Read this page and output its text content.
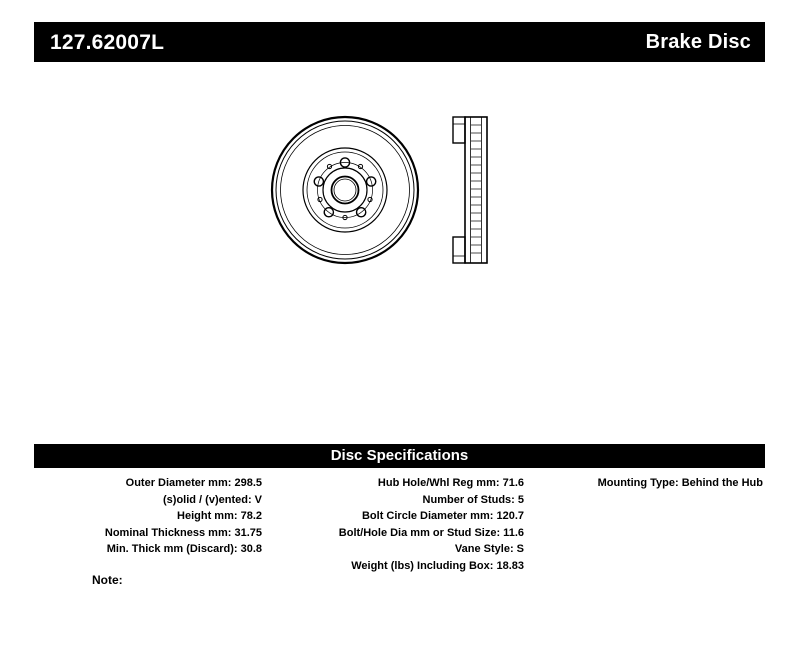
127.62007L	Brake Disc
Disc Specifications
Outer Diameter mm: 298.5
(s)olid / (v)ented: V
Height mm: 78.2
Nominal Thickness mm: 31.75
Min. Thick mm (Discard): 30.8
Hub Hole/Whl Reg mm: 71.6
Number of Studs: 5
Bolt Circle Diameter mm: 120.7
Bolt/Hole Dia mm or Stud Size: 11.6
Vane Style: S
Weight (lbs) Including Box: 18.83
Mounting Type: Behind the Hub
Note:
